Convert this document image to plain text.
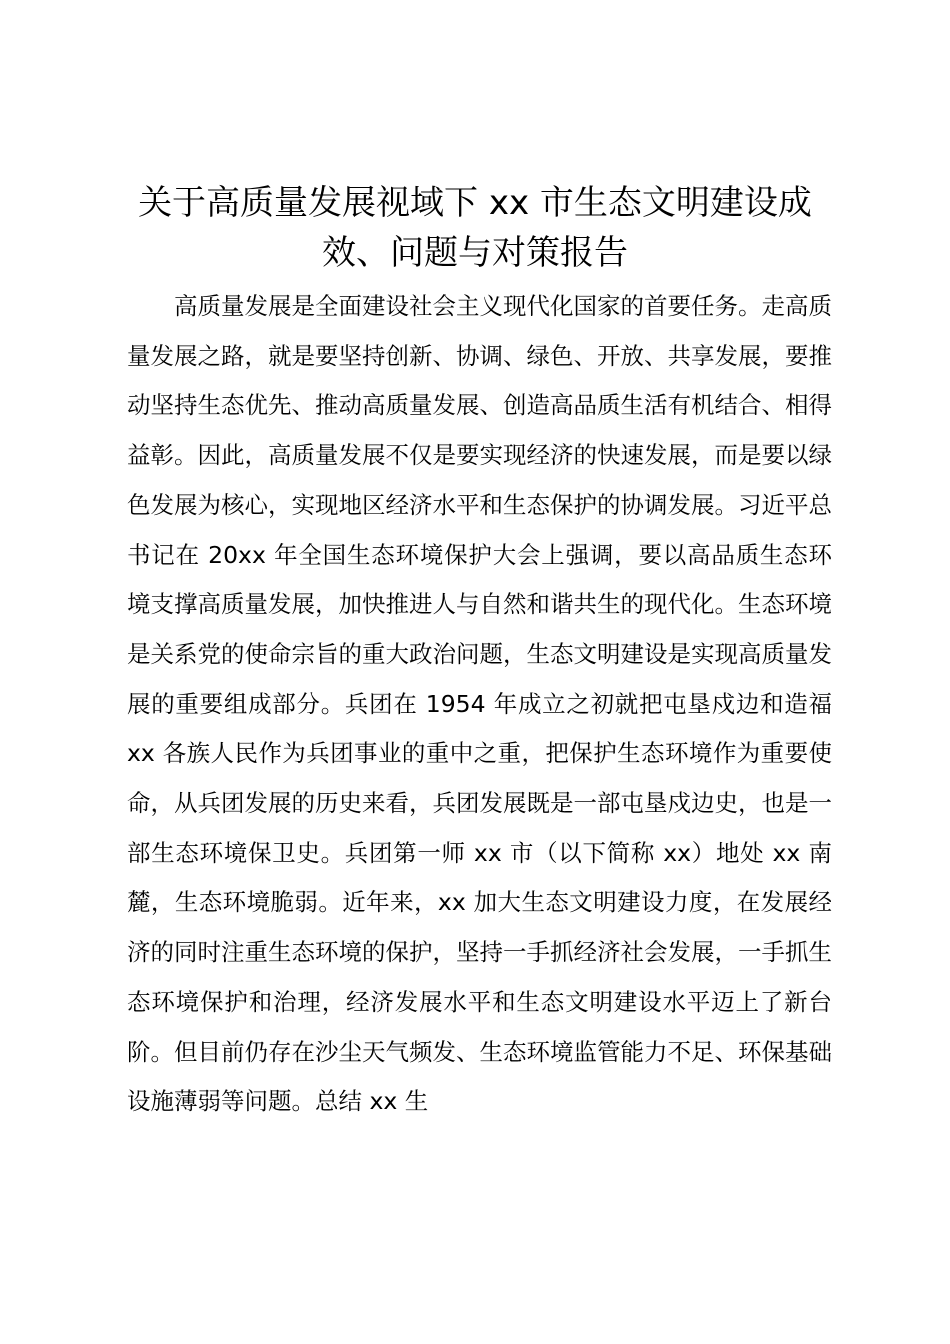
关于高质量发展视域下 xx 市生态文明建设成效、问题与对策报告

高质量发展是全面建设社会主义现代化国家的首要任务。走高质量发展之路，就是要坚持创新、协调、绿色、开放、共享发展，要推动坚持生态优先、推动高质量发展、创造高品质生活有机结合、相得益彰。因此，高质量发展不仅是要实现经济的快速发展，而是要以绿色发展为核心，实现地区经济水平和生态保护的协调发展。习近平总书记在 20xx 年全国生态环境保护大会上强调，要以高品质生态环境支撑高质量发展，加快推进人与自然和谐共生的现代化。生态环境是关系党的使命宗旨的重大政治问题，生态文明建设是实现高质量发展的重要组成部分。兵团在 1954 年成立之初就把屯垦戍边和造福 xx 各族人民作为兵团事业的重中之重，把保护生态环境作为重要使命，从兵团发展的历史来看，兵团发展既是一部屯垦戍边史，也是一部生态环境保卫史。兵团第一师 xx 市（以下简称 xx）地处 xx 南麓，生态环境脆弱。近年来，xx 加大生态文明建设力度，在发展经济的同时注重生态环境的保护，坚持一手抓经济社会发展，一手抓生态环境保护和治理，经济发展水平和生态文明建设水平迈上了新台阶。但目前仍存在沙尘天气频发、生态环境监管能力不足、环保基础设施薄弱等问题。总结 xx 生
